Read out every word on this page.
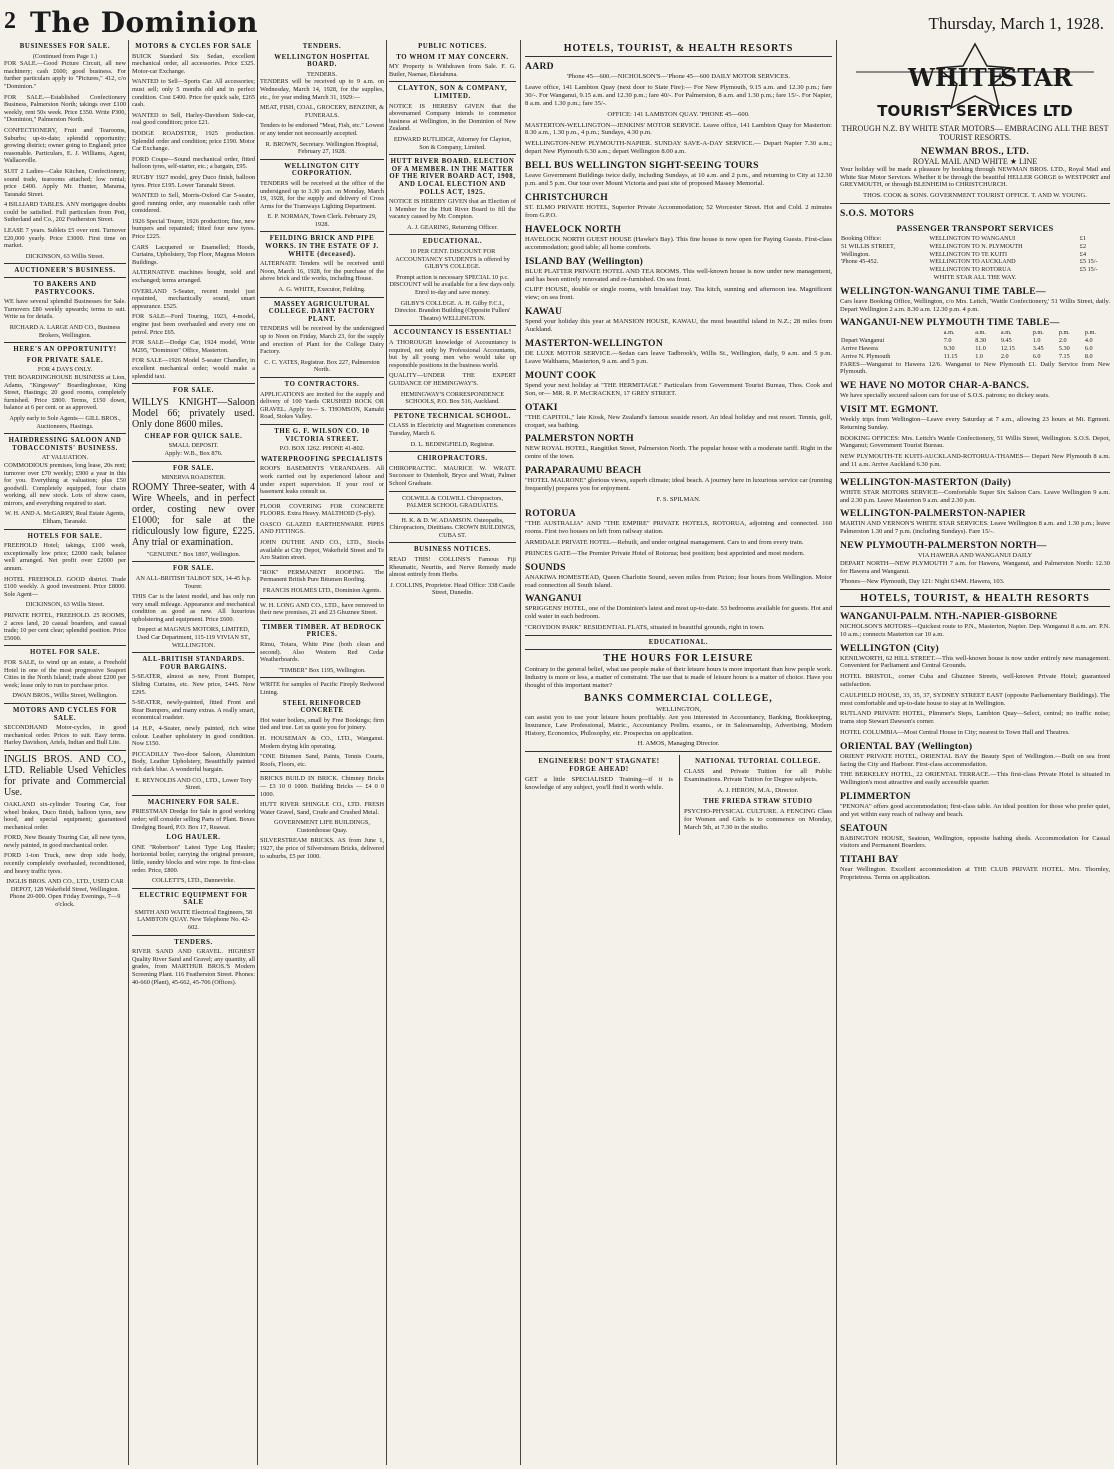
2 The Dominion	Thursday, March 1, 1928.
BUSINESSES FOR SALE.
(Continued from Page 1.)

FOR SALE.—Good Picture Circuit, all new machinery; cash £600; good business. For further particulars apply to "Pictures," 412, c/o "Dominion."

FOR SALE.—Established Confectionery Business, Palmerston North; takings over £100 weekly, rent 50s week. Price £350. Write P300, "Dominion," Palmerston North.

CONFECTIONERY, Fruit and Tearooms, Suburbs; up-to-date; splendid opportunity; growing district; owner going to England; price reasonable. Particulars, E. J. Williams, Agent, Wallaceville.

SUIT 2 Ladies—Cake Kitchen, Confectionery, sound trade, tearooms attached; low rental; price £400. Apply Mr. Hunter, Marama, Taranaki Street.

4 BILLIARD TABLES. ANY mortgagee doubts could be satisfied. Full particulars from Pott, Sutherland and Co., 202 Featherston Street.

LEASE 7 years. Sublets £5 over rent. Turnover £20,000 yearly. Price £3000. First time on market.

DICKINSON, 63 Willis Street.

AUCTIONEER'S BUSINESS.
TO BAKERS AND PASTRYCOOKS.

WE have several splendid Businesses for Sale. Turnovers £80 weekly upwards; terms to suit. Write us for details.

RICHARD A. LARGE AND CO., Business Brokers, Wellington.

HERE'S AN OPPORTUNITY!
FOR PRIVATE SALE.
FOR 4 DAYS ONLY.

THE BOARDINGHOUSE BUSINESS at Lion, Adams, "Kingsway" Boardinghouse, King Street, Hastings; 20 good rooms, completely furnished. Price £800. Terms, £150 down, balance at 6 per cent. or as approved.

Apply early to Sole Agents— GILL BROS., Auctioneers, Hastings.

HAIRDRESSING SALOON AND TOBACCONISTS' BUSINESS.
AT VALUATION.

COMMODIOUS premises, long lease, 20s rent; turnover over £70 weekly; £900 a year in this for you. Everything at valuation; plus £50 goodwill. Completely equipped, four chairs working, all new stock. Lots of show cases, mirrors, and everything required to start.

W. H. AND A. McGARRY, Real Estate Agents, Eltham, Taranaki.

HOTELS FOR SALE.

FREEHOLD Hotel; takings, £100 week, exceptionally low price; £2000 cash; balance well arranged. Net profit over £2000 per annum.

HOTEL FREEHOLD. GOOD district. Trade £100 weekly. A good investment. Price £8000. Sole Agent—

DICKINSON, 63 Willis Street.

PRIVATE HOTEL, FREEHOLD. 25 ROOMS, 2 acres land, 20 casual boarders, and casual trade; 10 per cent clear; splendid position. Price £5000.

HOTEL FOR SALE.

FOR SALE, to wind up an estate, a Freehold Hotel in one of the most progressive Seaport Cities in the North Island; trade about £200 per week; lease only to run to purchase price.

DWAN BROS., Willis Street, Wellington.

MOTORS AND CYCLES FOR SALE.

SECONDHAND Motor-cycles, in good mechanical order. Prices to suit. Easy terms. Harley Davidson, Ariels, Indian and Bull Lite.

INGLIS BROS. AND CO., LTD. Reliable Used Vehicles for private and Commercial Use.

OAKLAND six-cylinder Touring Car, four wheel brakes, Duco finish, balloon tyres, new hood, and special equipment; guaranteed mechanical order.

FORD, New Beauty Touring Car, all new tyres, newly painted, in good mechanical order.

FORD 1-ton Truck, new drop side body, recently completely overhauled, reconditioned, and heavy traffic tyres.

INGLIS BROS. AND CO., LTD., USED CAR DEPOT, 128 Wakefield Street, Wellington. Phone 20-000. Open Friday Evenings, 7—9 o'clock.

MOTORS & CYCLES FOR SALE

BUICK Standard Six Sedan, excellent mechanical order, all accessories. Price £325. Motor-car Exchange.

WANTED to Sell—Sports Car. All accessories; must sell; only 5 months old and in perfect condition. Cost £400. Price for quick sale, £265 cash.

WANTED to Sell, Harley-Davidson Side-car, real good condition; price £21.

DODGE ROADSTER, 1925 production. Splendid order and condition; price £190. Motor Car Exchange.

FORD Coupe—Sound mechanical order, fitted balloon tyres, self-starter, etc.; a bargain, £95.

RUGBY 1927 model, grey Duco finish, balloon tyres. Price £195. Lower Taranaki Street.

WANTED to Sell, Morris-Oxford Car 5-seater, good running order, any reasonable cash offer considered.

1926 Special Tourer, 1926 production; fine, new bumpers and repainted; fitted four new tyres. Price £225.

CARS Lacquered or Enamelled; Hoods, Curtains, Upholstery, Top Floor, Magnus Motors Buildings.

ALTERNATIVE machines bought, sold and exchanged; terms arranged.

OVERLAND 5-Seater, recent model just repainted, mechanically sound, smart appearance. £525.

FOR SALE—Ford Touring, 1923, 4-model, engine just been overhauled and every one on petrol. Price £65.

FOR SALE—Dodge Car, 1924 model, Write M295, "Dominion" Office, Masterton.

FOR SALE—1926 Model 5-seater Chandler, in excellent mechanical order; would make a splendid taxi.

FOR SALE.

WILLYS KNIGHT—Saloon Model 66; privately used. Only done 8600 miles.

CHEAP FOR QUICK SALE.
SMALL DEPOSIT.

Apply: W.B., Box 876.

FOR SALE.
MINERVA ROADSTER.

ROOMY Three-seater, with 4 Wire Wheels, and in perfect order, costing new over £1000; for sale at the ridiculously low figure, £225. Any trial or examination.

"GENUINE." Box 1897, Wellington.

FOR SALE.

AN ALL-BRITISH TALBOT SIX, 14-45 h.p. Tourer.

THIS Car is the latest model, and has only run very small mileage. Appearance and mechanical condition as good as new. All luxurious upholstering and equipment. Price £600.

Inspect at MAGNUS MOTORS, LIMITED, Used Car Department, 115-119 VIVIAN ST., WELLINGTON.

ALL-BRITISH STANDARDS. FOUR BARGAINS.

5-SEATER, almost as new, Front Bumper, Sliding Curtains, etc. New price, £445. Now £295.

5-SEATER, newly-painted, fitted Front and Rear Bumpers, and many extras. A really smart, economical roadster.

14 H.P., 4-Seater, newly painted, rich wine colour. Leather upholstery in good condition. Now £150.

PICCADILLY Two-door Saloon, Aluminium Body, Leather Upholstery, Beautifully painted rich dark blue. A wonderful bargain.

E. REYNOLDS AND CO., LTD., Lower Tory Street.

MACHINERY FOR SALE.

PRIESTMAN Dredge for Sale in good working order; will consider selling Parts of Plant. Boxes Dredging Board, P.O. Box 17, Ruawai.

LOG HAULER.

ONE "Robertson" Latest Type Log Hauler; horizontal boiler, carrying the original pressure, little, sundry blocks and wire rope. In first-class order. Price, £800.

COLLETT'S, LTD., Dannevirke.

ELECTRIC EQUIPMENT FOR SALE

SMITH AND WAITE Electrical Engineers, 58 LAMBTON QUAY. New Telephone No. 42-602.

TENDERS.

RIVER SAND AND GRAVEL. HIGHEST Quality River Sand and Gravel; any quantity, all grades, from MARTHUR BROS.'S Modern Screening Plant. 116 Featherston Street. Phones: 40-660 (Plant), 45-662, 45-706 (Offices).

TENDERS.
WELLINGTON HOSPITAL BOARD.
TENDERS.

TENDERS will be received up to 9 a.m. on Wednesday, March 14, 1928, for the supplies, etc., for year ending March 31, 1929:—

MEAT, FISH, COAL, GROCERY, BENZINE, & FUNERALS.

Tenders to be endorsed "Meat, Fish, etc." Lowest or any tender not necessarily accepted.

R. BROWN, Secretary. Wellington Hospital, February 27, 1928.

WELLINGTON CITY CORPORATION.

TENDERS will be received at the office of the undersigned up to 3.30 p.m. on Monday, March 19, 1928, for the supply and delivery of Cross Arms for the Tramways Lighting Department.

E. P. NORMAN, Town Clerk. February 29, 1928.

FEILDING BRICK AND PIPE WORKS. IN THE ESTATE OF J. WHITE (deceased).

ALTERNATE Tenders will be received until Noon, March 16, 1928, for the purchase of the above brick and tile works, including House.

A. G. WHITE, Executor, Feilding.

MASSEY AGRICULTURAL COLLEGE. DAIRY FACTORY PLANT.

TENDERS will be received by the undersigned up to Noon on Friday, March 23, for the supply and erection of Plant for the College Dairy Factory.

C. C. YATES, Registrar. Box 227, Palmerston North.

TO CONTRACTORS.

APPLICATIONS are invited for the supply and delivery of 100 Yards CRUSHED ROCK OR GRAVEL. Apply to— S. THOMSON, Kamahi Road, Stokes Valley.

THE G. F. WILSON CO. 10 VICTORIA STREET.

P.O. BOX 1262. PHONE 41-802.

WATERPROOFING SPECIALISTS

ROOFS BASEMENTS VERANDAHS. All work carried out by experienced labour and under expert supervision. If your roof or basement leaks consult us.

FLOOR COVERING FOR CONCRETE FLOORS. Extra Heavy. MALTHOID (5-ply).

OASCO GLAZED EARTHENWARE PIPES AND FITTINGS.

JOHN DUTHIE AND CO., LTD., Stocks available at City Depot, Wakefield Street and Te Aro Station street.

"ROK" PERMANENT ROOFING. The Permanent British Pure Bitumen Roofing.

FRANCIS HOLMES LTD., Dominion Agents.

W. H. LONG AND CO., LTD., have removed to their new premises, 21 and 23 Ghuznee Street.

TIMBER TIMBER. AT BEDROCK PRICES.

Rimu, Totara, White Pine (both clean and second). Also Western Red Cedar Weatherboards.

"TIMBER" Box 1195, Wellington.

WRITE for samples of Pacific Fireply Redwood Lining.

STEEL REINFORCED CONCRETE

Hot water boilers, small by Free Bookings; firm tied and true. Let us quote you for joinery.

H. HOUSEMAN & CO., LTD., Wanganui. Modern drying kiln operating.

"ONE Bitumen Sand, Paints, Tennis Courts, Roofs, Floors, etc.

BRICKS BUILD IN BRICK. Chimney Bricks — £3 10 0 1000. Building Bricks — £4 0 0 1000.

HUTT RIVER SHINGLE CO., LTD. FRESH Water Gravel, Sand, Crude and Crushed Metal.

GOVERNMENT LIFE BUILDINGS, Customhouse Quay.

SILVERSTREAM BRICKS. AS from June 1, 1927, the price of Silverstream Bricks, delivered to suburbs, £5 per 1000.

PUBLIC NOTICES.
TO WHOM IT MAY CONCERN.

MY Property is Withdrawn from Sale. F. G. Butler, Naenae, Eketahuna.

CLAYTON, SON & COMPANY, LIMITED.

NOTICE IS HEREBY GIVEN that the abovenamed Company intends to commence business at Wellington, in the Dominion of New Zealand.

EDWARD RUTLIDGE, Attorney for Clayton, Son & Company, Limited.

HUTT RIVER BOARD. ELECTION OF A MEMBER. IN THE MATTER OF THE RIVER BOARD ACT, 1908, AND LOCAL ELECTION AND POLLS ACT, 1925.

NOTICE IS HEREBY GIVEN that an Election of 1 Member for the Hutt River Board to fill the vacancy caused by Mr. Compton.

A. J. GEARING, Returning Officer.

EDUCATIONAL.

10 PER CENT. DISCOUNT FOR ACCOUNTANCY STUDENTS is offered by GILBY'S COLLEGE.

Prompt action is necessary SPECIAL 10 p.c. DISCOUNT will be available for a few days only. Enrol to-day and save money.

GILBY'S COLLEGE. A. H. Gilby F.C.I., Director. Brandon Building (Opposite Fullers' Theatre) WELLINGTON.

ACCOUNTANCY IS ESSENTIAL!

A THOROUGH knowledge of Accountancy is required, not only by Professional Accountants, but by all young men who would take up responsible positions in the business world.

QUALITY—UNDER THE EXPERT GUIDANCE OF HEMINGWAY'S.

HEMINGWAY'S CORRESPONDENCE SCHOOLS, P.O. Box 516, Auckland.

PETONE TECHNICAL SCHOOL.

CLASS in Electricity and Magnetism commences Tuesday, March 6.

D. L. BEDINGFIELD, Registrar.

CHIROPRACTORS.

CHIROPRACTIC. MAURICE W. WRATT. Successor to Ostenholt, Bryce and Wratt, Palmer School Graduate.

COLWILL & COLWILL Chiropractors, PALMER SCHOOL GRADUATES.

H. K. & D. W. ADAMSON. Osteopaths, Chiropractors, Dietitians. CROWN BUILDINGS, CUBA ST.

BUSINESS NOTICES.

READ THIS! COLLINS'S Famous Fiji Rheumatic, Neuritis, and Nerve Remedy made almost entirely from Herbs.

J. COLLINS, Proprietor. Head Office: 338 Castle Street, Dunedin.

HOTELS, TOURIST, & HEALTH RESORTS
AARD

'Phone 45—600.—NICHOLSON'S—'Phone 45—600 DAILY MOTOR SERVICES.

Leave office, 141 Lambton Quay (next door to State Fire):— For New Plymouth, 9.15 a.m. and 12.30 p.m.; fare 30/-. For Wanganui, 9.15 a.m. and 12.30 p.m.; fare 40/-. For Palmerston, 8 a.m. and 1.30 p.m.; fare 15/-. For Napier, 8 a.m. and 1.30 p.m.; fare 35/-.

OFFICE: 141 LAMBTON QUAY. 'PHONE 45—600.

MASTERTON-WELLINGTON—JENKINS' MOTOR SERVICE. Leave office, 141 Lambton Quay for Masterton: 8.30 a.m., 1.30 p.m., 4 p.m.; Sundays, 4.30 p.m.

WELLINGTON-NEW PLYMOUTH-NAPIER. SUNDAY SAVE-A-DAY SERVICE.— Depart Napier 7.30 a.m.; depart New Plymouth 6.30 a.m.; depart Wellington 8.00 a.m.

BELL BUS WELLINGTON SIGHT-SEEING TOURS

Leave Government Buildings twice daily, including Sundays, at 10 a.m. and 2 p.m., and returning to City at 12.30 p.m. and 5 p.m. Our tour over Mount Victoria and past site of proposed Massey Memorial.

CHRISTCHURCH

ST. ELMO PRIVATE HOTEL, Superior Private Accommodation; 52 Worcester Street. Hot and Cold. 2 minutes from G.P.O.

HAVELOCK NORTH

HAVELOCK NORTH GUEST HOUSE (Hawke's Bay). This fine house is now open for Paying Guests. First-class accommodation; good table; all home comforts.

ISLAND BAY (Wellington)

BLUE PLATTER PRIVATE HOTEL AND TEA ROOMS. This well-known house is now under new management, and has been entirely renovated and re-furnished. On sea front.

CLIFF HOUSE, double or single rooms, with breakfast tray. Tea kitch, sunning and afternoon tea. Magnificent view; on sea front.

KAWAU

Spend your holiday this year at MANSION HOUSE, KAWAU, the most beautiful island in N.Z.; 28 miles from Auckland.

MASTERTON-WELLINGTON

DE LUXE MOTOR SERVICE.—Sedan cars leave Tadbrook's, Willis St., Wellington, daily, 9 a.m. and 5 p.m. Leave Walthams, Masterton, 9 a.m. and 5 p.m.

MOUNT COOK

Spend your next holiday at "THE HERMITAGE." Particulars from Government Tourist Bureau, Thos. Cook and Son, or— MR. R. P. McCRACKEN, 17 GREY STREET.

OTAKI

"THE CAPITOL," late Kiosk, New Zealand's famous seaside resort. An ideal holiday and rest resort. Tennis, golf, croquet, sea bathing.

PALMERSTON NORTH

NEW ROYAL HOTEL, Rangitikei Street, Palmerston North. The popular house with a moderate tariff. Right in the centre of the town.

PARAPARAUMU BEACH

"HOTEL MALRONE" glorious views, superb climate; ideal beach. A journey here in luxurious service car (running frequently) prepares you for enjoyment.

F. S. SPILMAN.

ROTORUA

"THE AUSTRALIA" AND "THE EMPIRE" PRIVATE HOTELS, ROTORUA, adjoining and connected. 160 rooms. First two houses on left from railway station.

ARMIDALE PRIVATE HOTEL—Rebuilt, and under original management. Cars to and from every train.

PRINCES GATE—The Premier Private Hotel of Rotorua; best position; best appointed and most modern.

SOUNDS

ANAKIWA HOMESTEAD, Queen Charlotte Sound, seven miles from Picton; four hours from Wellington. Motor road connection all South Island.

WANGANUI

SPRIGGENS' HOTEL, one of the Dominion's latest and most up-to-date. 53 bedrooms available for guests. Hot and cold water in each bedroom.

"CROYDON PARK" RESIDENTIAL FLATS, situated in beautiful grounds, right in town.

EDUCATIONAL.
THE HOURS FOR LEISURE

Contrary to the general belief, what use people make of their leisure hours is more important than how people work. Industry is more or less, a matter of constraint. The use that is made of leisure hours is a matter of choice. Have you thought of this important matter?

BANKS COMMERCIAL COLLEGE,
WELLINGTON,

can assist you to use your leisure hours profitably. Are you interested in Accountancy, Banking, Bookkeeping, Insurance, Law Professional, Matric., Accountancy Prelim. exams., or in Salesmanship, Advertising, Modern History, Economics, Philosophy, etc. Prospectus on application.

H. AMOS, Managing Director.

ENGINEERS! DON'T STAGNATE! FORGE AHEAD!

GET a little SPECIALISED Training—if it is knowledge of any subject, you'll find it worth while.

NATIONAL TUTORIAL COLLEGE.

CLASS and Private Tuition for all Public Examinations. Private Tuition for Degree subjects.

A. J. HERON, M.A., Director.

THE FRIEDA STRAW STUDIO

PSYCHO-PHYSICAL CULTURE. A FENCING Class for Women and Girls is to commence on Monday, March 5th, at 7.30 in the studio.

WHITE
STAR
TOURIST SERVICES LTD
THROUGH N.Z. BY WHITE STAR MOTORS— EMBRACING ALL THE BEST TOURIST RESORTS.
NEWMAN BROS., LTD.
ROYAL MAIL AND WHITE ★ LINE

Your holiday will be made a pleasure by booking through NEWMAN BROS. LTD., Royal Mail and White Star Motor Services. Whether it be through the beautiful HELLER GORGE to WESTPORT and GREYMOUTH, or through BLENHEIM to CHRISTCHURCH.

THOS. COOK & SONS. GOVERNMENT TOURIST OFFICE. T. AND W. YOUNG.

S.O.S. MOTORS
PASSENGER TRANSPORT SERVICES
Booking Office:	WELLINGTON TO WANGANUI	£1
51 WILLIS STREET,	WELLINGTON TO N. PLYMOUTH	£2
Wellington.	WELLINGTON TO TE KUITI	£4
'Phone 45-452.	WELLINGTON TO AUCKLAND	£5 15/-
	WELLINGTON TO ROTORUA	£5 15/-
WHITE STAR ALL THE WAY.
WELLINGTON-WANGANUI TIME TABLE—

Cars leave Booking Office, Wellington, c/o Mrs. Leitch, 'Wattle Confectionery,' 51 Willis Street, daily. Depart Wellington 2 a.m. 8.30 a.m. 12.30 p.m. 4 p.m.

WANGANUI-NEW PLYMOUTH TIME TABLE—
	a.m.	a.m.	a.m.	p.m.	p.m.	p.m.
Depart Wanganui	7.0	8.30	9.45	1.0	2.0	4.0
Arrive Hawera	9.30	11.0	12.15	3.45	5.30	6.0
Arrive N. Plymouth	11.15	1.0	2.0	6.0	7.15	8.0

FARES—Wanganui to Hawera 12/6. Wanganui to New Plymouth £1. Daily Service from New Plymouth.

WE HAVE NO MOTOR CHAR-A-BANCS.

We have specially secured saloon cars for use of S.O.S. patrons; no dickey seats.

VISIT MT. EGMONT.

Weekly trips from Wellington—Leave every Saturday at 7 a.m., allowing 23 hours at Mt. Egmont. Returning Sunday.

BOOKING OFFICES: Mrs. Leitch's Wattle Confectionery, 51 Willis Street, Wellington. S.O.S. Depot, Wanganui; Government Tourist Bureau.

NEW PLYMOUTH-TE KUITI-AUCKLAND-ROTORUA-THAMES— Depart New Plymouth 8 a.m. and 11 a.m. Arrive Auckland 6.30 p.m.

WELLINGTON-MASTERTON (Daily)

WHITE STAR MOTORS SERVICE—Comfortable Super Six Saloon Cars. Leave Wellington 9 a.m. and 2.30 p.m. Leave Masterton 9 a.m. and 2.30 p.m.

WELLINGTON-PALMERSTON-NAPIER

MARTIN AND VERNON'S WHITE STAR SERVICES. Leave Wellington 8 a.m. and 1.30 p.m.; leave Palmerston 1.30 and 7 p.m. (including Sundays). Fare 15/-.

NEW PLYMOUTH-PALMERSTON NORTH—
VIA HAWERA AND WANGANUI DAILY

DEPART NORTH—NEW PLYMOUTH 7 a.m. for Hawera, Wanganui, and Palmerston North: 12.30 for Hawera and Wanganui.

'Phones—New Plymouth, Day 121: Night 634M. Hawera, 103.

HOTELS, TOURIST, & HEALTH RESORTS
WANGANUI-PALM. NTH.-NAPIER-GISBORNE

NICHOLSON'S MOTORS—Quickest route to P.N., Masterton, Napier. Dep. Wanganui 8 a.m. arr. P.N. 10 a.m.; connects Masterton car 10 a.m.

WELLINGTON (City)

KENILWORTH, 62 HILL STREET.—This well-known house is now under entirely new management. Convenient for Parliament and Central Grounds.

HOTEL BRISTOL, corner Cuba and Ghuznee Streets, well-known Private Hotel; guaranteed satisfaction.

CAULFIELD HOUSE, 33, 35, 37, SYDNEY STREET EAST (opposite Parliamentary Buildings). The most comfortable and up-to-date house to stay at in Wellington.

RUTLAND PRIVATE HOTEL, Plimmer's Steps, Lambton Quay—Select, central; no traffic noise; trams stop Stewart Dawson's corner.

HOTEL COLUMBIA—Most Central House in City; nearest to Town Hall and Theatres.

ORIENTAL BAY (Wellington)

ORIENT PRIVATE HOTEL, ORIENTAL BAY the Beauty Spot of Wellington.—Built on sea front facing the City and Harbour. First-class accommodation.

THE BERKELEY HOTEL, 22 ORIENTAL TERRACE.—This first-class Private Hotel is situated in Wellington's most attractive and easily accessible quarter.

PLIMMERTON

"PENONA" offers good accommodation; first-class table. An ideal position for those who prefer quiet, and yet within easy reach of railway and beach.

SEATOUN

BABINGTON HOUSE, Seatoun, Wellington, opposite bathing sheds. Accommodation for Casual visitors and Permanent Boarders.

TITAHI BAY

Near Wellington. Excellent accommodation at THE CLUB PRIVATE HOTEL. Mrs. Thornley, Proprietress. Terms on application.
